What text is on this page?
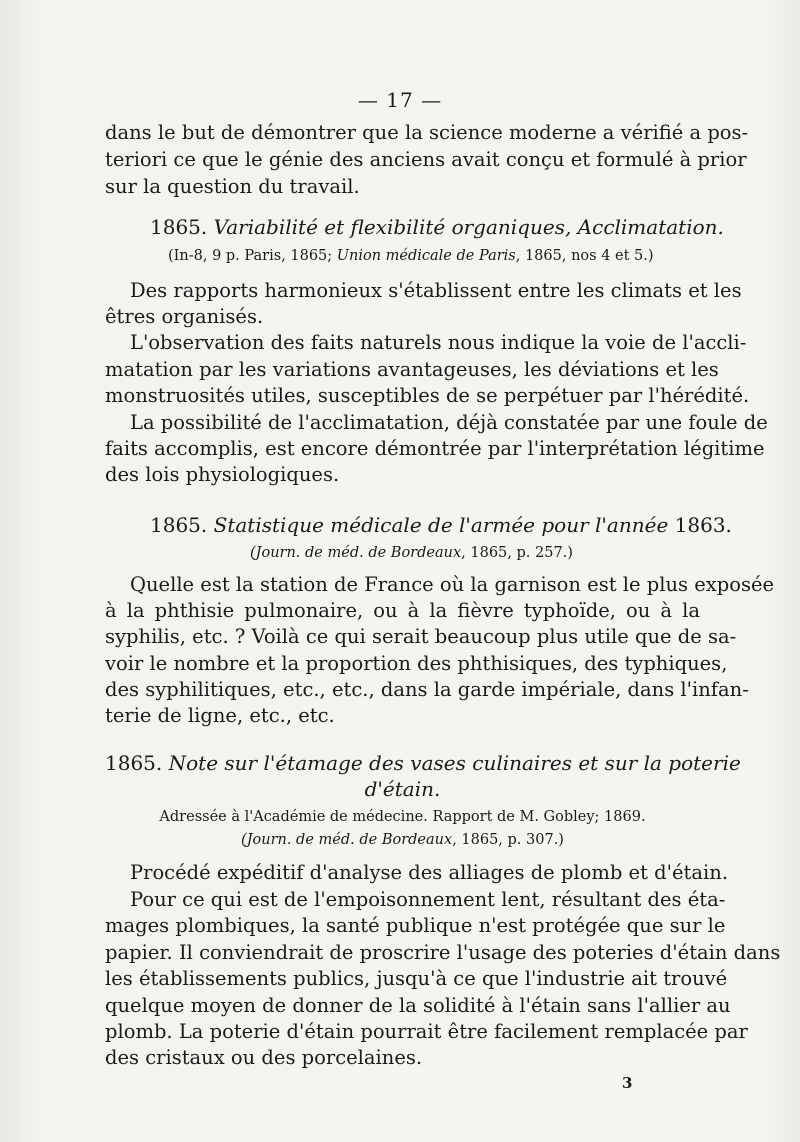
— 17 —
dans le but de démontrer que la science moderne a vérifié a pos-
teriori ce que le génie des anciens avait conçu et formulé à prior
sur la question du travail.
1865. Variabilité et flexibilité organiques, Acclimatation.
(In-8, 9 p. Paris, 1865; Union médicale de Paris, 1865, nos 4 et 5.)
Des rapports harmonieux s'établissent entre les climats et les
êtres organisés.
L'observation des faits naturels nous indique la voie de l'accli-
matation par les variations avantageuses, les déviations et les
monstruosités utiles, susceptibles de se perpétuer par l'hérédité.
La possibilité de l'acclimatation, déjà constatée par une foule de
faits accomplis, est encore démontrée par l'interprétation légitime
des lois physiologiques.
1865. Statistique médicale de l'armée pour l'année 1863.
(Journ. de méd. de Bordeaux, 1865, p. 257.)
Quelle est la station de France où la garnison est le plus exposée
à la phthisie pulmonaire, ou à la fièvre typhoïde, ou à la
syphilis, etc. ? Voilà ce qui serait beaucoup plus utile que de sa-
voir le nombre et la proportion des phthisiques, des typhiques,
des syphilitiques, etc., etc., dans la garde impériale, dans l'infan-
terie de ligne, etc., etc.
1865. Note sur l'étamage des vases culinaires et sur la poterie
d'étain.
Adressée à l'Académie de médecine. Rapport de M. Gobley; 1869.
(Journ. de méd. de Bordeaux, 1865, p. 307.)
Procédé expéditif d'analyse des alliages de plomb et d'étain.
Pour ce qui est de l'empoisonnement lent, résultant des éta-
mages plombiques, la santé publique n'est protégée que sur le
papier. Il conviendrait de proscrire l'usage des poteries d'étain dans
les établissements publics, jusqu'à ce que l'industrie ait trouvé
quelque moyen de donner de la solidité à l'étain sans l'allier au
plomb. La poterie d'étain pourrait être facilement remplacée par
des cristaux ou des porcelaines.
3
